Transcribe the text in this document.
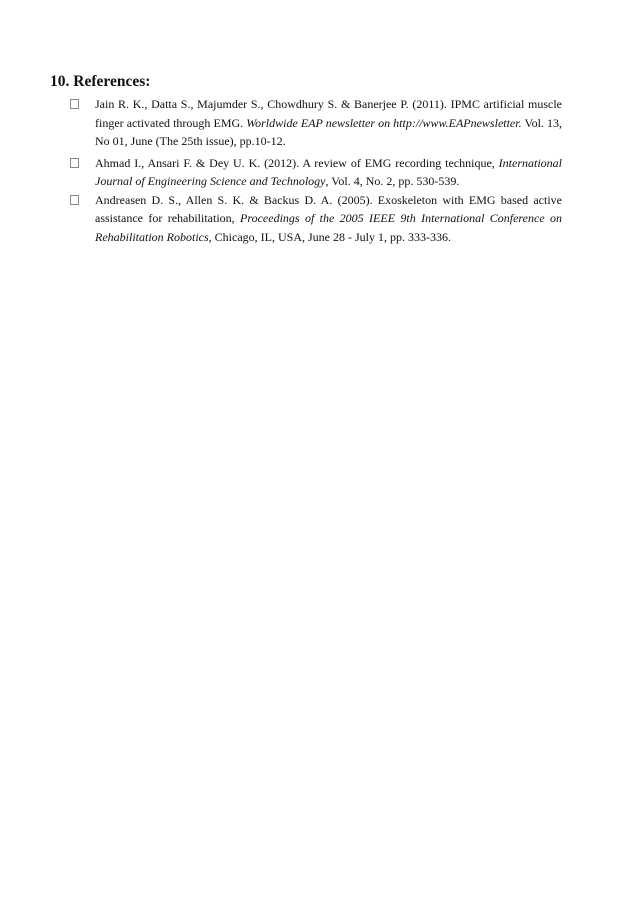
10. References:
Jain R. K., Datta S., Majumder S., Chowdhury S. & Banerjee P. (2011). IPMC artificial muscle finger activated through EMG. Worldwide EAP newsletter on http://www.EAPnewsletter. Vol. 13, No 01, June (The 25th issue), pp.10-12.
Ahmad I., Ansari F. & Dey U. K. (2012). A review of EMG recording technique, International Journal of Engineering Science and Technology, Vol. 4, No. 2, pp. 530-539.
Andreasen D. S., Allen S. K. & Backus D. A. (2005). Exoskeleton with EMG based active assistance for rehabilitation, Proceedings of the 2005 IEEE 9th International Conference on Rehabilitation Robotics, Chicago, IL, USA, June 28 - July 1, pp. 333-336.
